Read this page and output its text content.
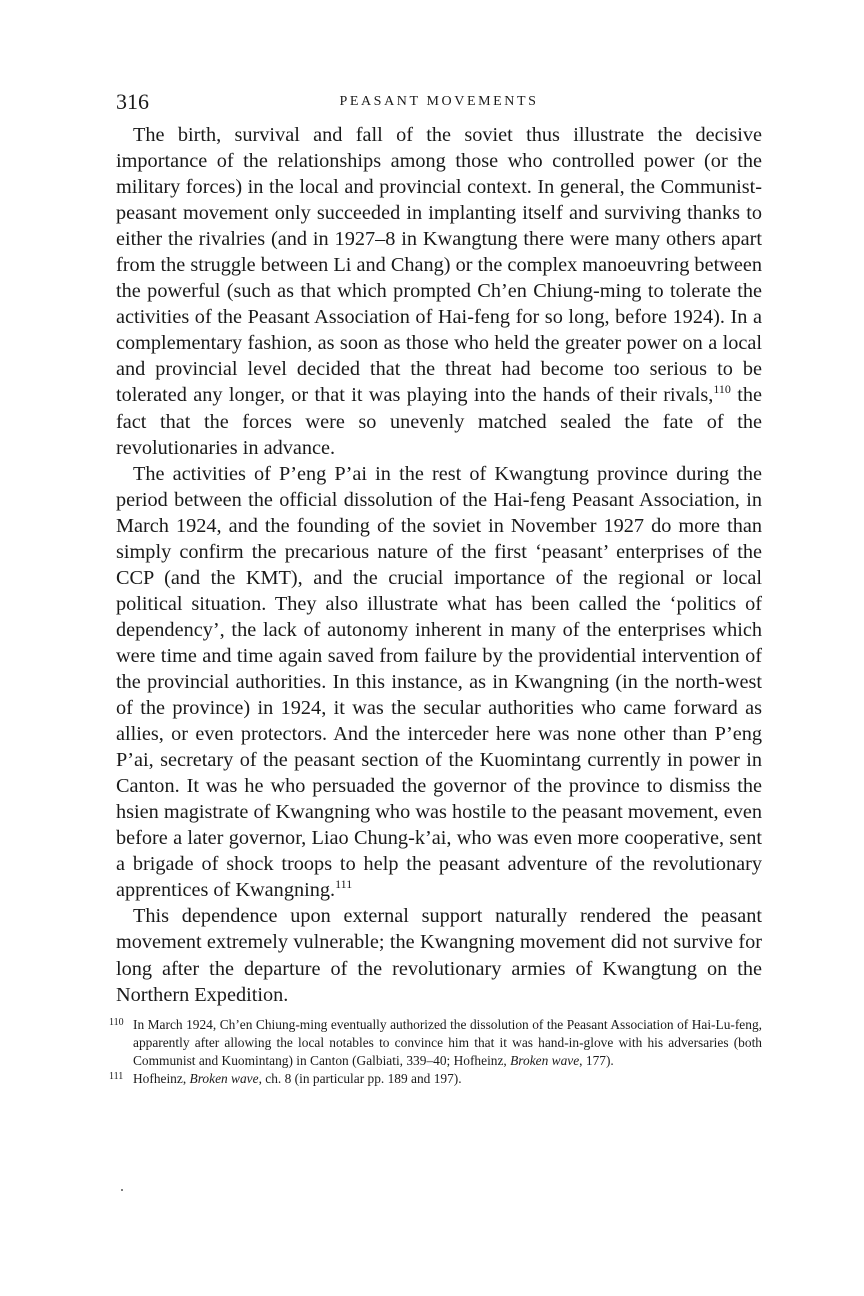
316	PEASANT MOVEMENTS

The birth, survival and fall of the soviet thus illustrate the decisive importance of the relationships among those who controlled power (or the military forces) in the local and provincial context. In general, the Communist-peasant movement only succeeded in implanting itself and surviving thanks to either the rivalries (and in 1927–8 in Kwangtung there were many others apart from the struggle between Li and Chang) or the complex manoeuvring between the powerful (such as that which prompted Ch’en Chiung-ming to tolerate the activities of the Peasant Association of Hai-feng for so long, before 1924). In a complementary fashion, as soon as those who held the greater power on a local and provincial level decided that the threat had become too serious to be tolerated any longer, or that it was playing into the hands of their rivals,$^{110}$ the fact that the forces were so unevenly matched sealed the fate of the revolutionaries in advance.

The activities of P’eng P’ai in the rest of Kwangtung province during the period between the official dissolution of the Hai-feng Peasant Association, in March 1924, and the founding of the soviet in November 1927 do more than simply confirm the precarious nature of the first ‘peasant’ enterprises of the CCP (and the KMT), and the crucial importance of the regional or local political situation. They also illustrate what has been called the ‘politics of dependency’, the lack of autonomy inherent in many of the enterprises which were time and time again saved from failure by the providential intervention of the provincial authorities. In this instance, as in Kwangning (in the north-west of the province) in 1924, it was the secular authorities who came forward as allies, or even protectors. And the interceder here was none other than P’eng P’ai, secretary of the peasant section of the Kuomintang currently in power in Canton. It was he who persuaded the governor of the province to dismiss the hsien magistrate of Kwangning who was hostile to the peasant movement, even before a later governor, Liao Chung-k’ai, who was even more cooperative, sent a brigade of shock troops to help the peasant adventure of the revolutionary apprentices of Kwangning.$^{111}$

This dependence upon external support naturally rendered the peasant movement extremely vulnerable; the Kwangning movement did not survive for long after the departure of the revolutionary armies of Kwangtung on the Northern Expedition.

110 In March 1924, Ch’en Chiung-ming eventually authorized the dissolution of the Peasant Association of Hai-Lu-feng, apparently after allowing the local notables to convince him that it was hand-in-glove with his adversaries (both Communist and Kuomintang) in Canton (Galbiati, 339–40; Hofheinz, Broken wave, 177).
111 Hofheinz, Broken wave, ch. 8 (in particular pp. 189 and 197).
